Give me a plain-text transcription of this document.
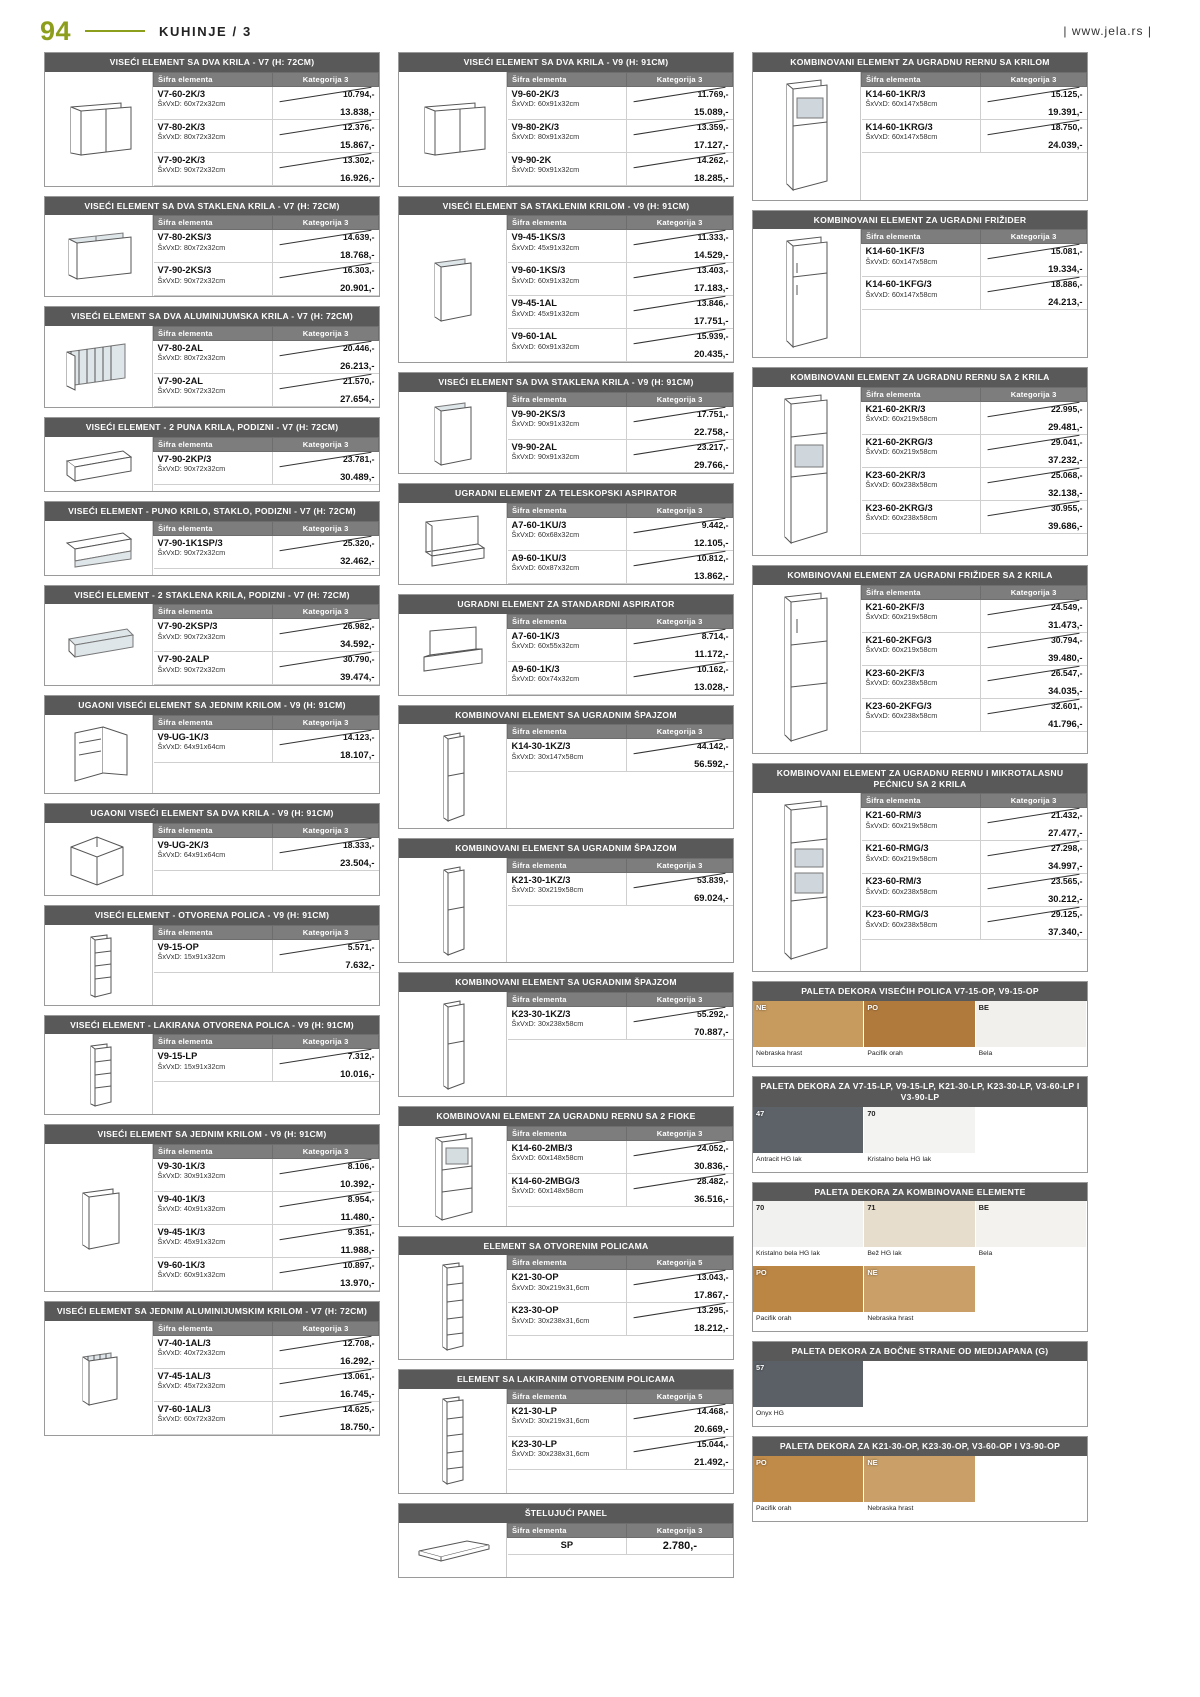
94	KUHINJE / 3	| www.jela.rs |
VISEĆI ELEMENT SA DVA KRILA - V7 (H: 72CM)
Šifra elementa	Kategorija 3

V7-60-2K/3
ŠxVxD: 60x72x32cm	10.794,-
13.838,-

V7-80-2K/3
ŠxVxD: 80x72x32cm	12.376,-
15.867,-

V7-90-2K/3
ŠxVxD: 90x72x32cm	13.302,-
16.926,-
VISEĆI ELEMENT SA DVA STAKLENA KRILA - V7 (H: 72CM)
Šifra elementa	Kategorija 3

V7-80-2KS/3
ŠxVxD: 80x72x32cm	14.639,-
18.768,-

V7-90-2KS/3
ŠxVxD: 90x72x32cm	16.303,-
20.901,-
VISEĆI ELEMENT SA DVA ALUMINIJUMSKA KRILA - V7 (H: 72CM)
Šifra elementa	Kategorija 3

V7-80-2AL
ŠxVxD: 80x72x32cm	20.446,-
26.213,-

V7-90-2AL
ŠxVxD: 90x72x32cm	21.570,-
27.654,-
VISEĆI ELEMENT - 2 PUNA KRILA, PODIZNI - V7 (H: 72CM)
Šifra elementa	Kategorija 3

V7-90-2KP/3
ŠxVxD: 90x72x32cm	23.781,-
30.489,-
VISEĆI ELEMENT - PUNO KRILO, STAKLO, PODIZNI - V7 (H: 72CM)
Šifra elementa	Kategorija 3

V7-90-1K1SP/3
ŠxVxD: 90x72x32cm	25.320,-
32.462,-
VISEĆI ELEMENT - 2 STAKLENA KRILA, PODIZNI - V7 (H: 72CM)
Šifra elementa	Kategorija 3

V7-90-2KSP/3
ŠxVxD: 90x72x32cm	26.982,-
34.592,-

V7-90-2ALP
ŠxVxD: 90x72x32cm	30.790,-
39.474,-
UGAONI VISEĆI ELEMENT SA JEDNIM KRILOM - V9 (H: 91CM)
Šifra elementa	Kategorija 3

V9-UG-1K/3
ŠxVxD: 64x91x64cm	14.123,-
18.107,-
UGAONI VISEĆI ELEMENT SA DVA KRILA - V9 (H: 91CM)
Šifra elementa	Kategorija 3

V9-UG-2K/3
ŠxVxD: 64x91x64cm	18.333,-
23.504,-
VISEĆI ELEMENT - OTVORENA POLICA - V9 (H: 91CM)
Šifra elementa	Kategorija 3

V9-15-OP
ŠxVxD: 15x91x32cm	5.571,-
7.632,-
VISEĆI ELEMENT - LAKIRANA OTVORENA POLICA - V9 (H: 91CM)
Šifra elementa	Kategorija 3

V9-15-LP
ŠxVxD: 15x91x32cm	7.312,-
10.016,-
VISEĆI ELEMENT SA JEDNIM KRILOM - V9 (H: 91CM)
Šifra elementa	Kategorija 3

V9-30-1K/3
ŠxVxD: 30x91x32cm	8.106,-
10.392,-

V9-40-1K/3
ŠxVxD: 40x91x32cm	8.954,-
11.480,-

V9-45-1K/3
ŠxVxD: 45x91x32cm	9.351,-
11.988,-

V9-60-1K/3
ŠxVxD: 60x91x32cm	10.897,-
13.970,-
VISEĆI ELEMENT SA JEDNIM ALUMINIJUMSKIM KRILOM - V7 (H: 72CM)
Šifra elementa	Kategorija 3

V7-40-1AL/3
ŠxVxD: 40x72x32cm	12.708,-
16.292,-

V7-45-1AL/3
ŠxVxD: 45x72x32cm	13.061,-
16.745,-

V7-60-1AL/3
ŠxVxD: 60x72x32cm	14.625,-
18.750,-
VISEĆI ELEMENT SA DVA KRILA - V9 (H: 91CM)
Šifra elementa	Kategorija 3

V9-60-2K/3
ŠxVxD: 60x91x32cm	11.769,-
15.089,-

V9-80-2K/3
ŠxVxD: 80x91x32cm	13.359,-
17.127,-

V9-90-2K
ŠxVxD: 90x91x32cm	14.262,-
18.285,-
VISEĆI ELEMENT SA STAKLENIM KRILOM - V9 (H: 91CM)
Šifra elementa	Kategorija 3

V9-45-1KS/3
ŠxVxD: 45x91x32cm	11.333,-
14.529,-

V9-60-1KS/3
ŠxVxD: 60x91x32cm	13.403,-
17.183,-

V9-45-1AL
ŠxVxD: 45x91x32cm	13.846,-
17.751,-

V9-60-1AL
ŠxVxD: 60x91x32cm	15.939,-
20.435,-
VISEĆI ELEMENT SA DVA STAKLENA KRILA - V9 (H: 91CM)
Šifra elementa	Kategorija 3

V9-90-2KS/3
ŠxVxD: 90x91x32cm	17.751,-
22.758,-

V9-90-2AL
ŠxVxD: 90x91x32cm	23.217,-
29.766,-
UGRADNI ELEMENT ZA TELESKOPSKI ASPIRATOR
Šifra elementa	Kategorija 3

A7-60-1KU/3
ŠxVxD: 60x68x32cm	9.442,-
12.105,-

A9-60-1KU/3
ŠxVxD: 60x87x32cm	10.812,-
13.862,-
UGRADNI ELEMENT ZA STANDARDNI ASPIRATOR
Šifra elementa	Kategorija 3

A7-60-1K/3
ŠxVxD: 60x55x32cm	8.714,-
11.172,-

A9-60-1K/3
ŠxVxD: 60x74x32cm	10.162,-
13.028,-
KOMBINOVANI ELEMENT SA UGRADNIM ŠPAJZOM
Šifra elementa	Kategorija 3

K14-30-1KZ/3
ŠxVxD: 30x147x58cm	44.142,-
56.592,-
KOMBINOVANI ELEMENT SA UGRADNIM ŠPAJZOM
Šifra elementa	Kategorija 3

K21-30-1KZ/3
ŠxVxD: 30x219x58cm	53.839,-
69.024,-
KOMBINOVANI ELEMENT SA UGRADNIM ŠPAJZOM
Šifra elementa	Kategorija 3

K23-30-1KZ/3
ŠxVxD: 30x238x58cm	55.292,-
70.887,-
KOMBINOVANI ELEMENT ZA UGRADNU RERNU SA 2 FIOKE
Šifra elementa	Kategorija 3

K14-60-2MB/3
ŠxVxD: 60x148x58cm	24.052,-
30.836,-

K14-60-2MBG/3
ŠxVxD: 60x148x58cm	28.482,-
36.516,-
ELEMENT SA OTVORENIM POLICAMA
Šifra elementa	Kategorija 5

K21-30-OP
ŠxVxD: 30x219x31,6cm	13.043,-
17.867,-

K23-30-OP
ŠxVxD: 30x238x31,6cm	13.295,-
18.212,-
ELEMENT SA LAKIRANIM OTVORENIM POLICAMA
Šifra elementa	Kategorija 5

K21-30-LP
ŠxVxD: 30x219x31,6cm	14.468,-
20.669,-

K23-30-LP
ŠxVxD: 30x238x31,6cm	15.044,-
21.492,-
ŠTELUJUĆI PANEL
Šifra elementa	Kategorija 3

SP	2.780,-
KOMBINOVANI ELEMENT ZA UGRADNU RERNU SA KRILOM
Šifra elementa	Kategorija 3

K14-60-1KR/3
ŠxVxD: 60x147x58cm	15.125,-
19.391,-

K14-60-1KRG/3
ŠxVxD: 60x147x58cm	18.750,-
24.039,-
KOMBINOVANI ELEMENT ZA UGRADNI FRIŽIDER
Šifra elementa	Kategorija 3

K14-60-1KF/3
ŠxVxD: 60x147x58cm	15.081,-
19.334,-

K14-60-1KFG/3
ŠxVxD: 60x147x58cm	18.886,-
24.213,-
KOMBINOVANI ELEMENT ZA UGRADNU RERNU SA 2 KRILA
Šifra elementa	Kategorija 3

K21-60-2KR/3
ŠxVxD: 60x219x58cm	22.995,-
29.481,-

K21-60-2KRG/3
ŠxVxD: 60x219x58cm	29.041,-
37.232,-

K23-60-2KR/3
ŠxVxD: 60x238x58cm	25.068,-
32.138,-

K23-60-2KRG/3
ŠxVxD: 60x238x58cm	30.955,-
39.686,-
KOMBINOVANI ELEMENT ZA UGRADNI FRIŽIDER SA 2 KRILA
Šifra elementa	Kategorija 3

K21-60-2KF/3
ŠxVxD: 60x219x58cm	24.549,-
31.473,-

K21-60-2KFG/3
ŠxVxD: 60x219x58cm	30.794,-
39.480,-

K23-60-2KF/3
ŠxVxD: 60x238x58cm	26.547,-
34.035,-

K23-60-2KFG/3
ŠxVxD: 60x238x58cm	32.601,-
41.796,-
KOMBINOVANI ELEMENT ZA UGRADNU RERNU I MIKROTALASNU PEĆNICU SA 2 KRILA
Šifra elementa	Kategorija 3

K21-60-RM/3
ŠxVxD: 60x219x58cm	21.432,-
27.477,-

K21-60-RMG/3
ŠxVxD: 60x219x58cm	27.298,-
34.997,-

K23-60-RM/3
ŠxVxD: 60x238x58cm	23.565,-
30.212,-

K23-60-RMG/3
ŠxVxD: 60x238x58cm	29.125,-
37.340,-
PALETA DEKORA VISEĆIH POLICA V7-15-OP, V9-15-OP
NE
Nebraska hrast
PO
Pacifik orah
BE
Bela
PALETA DEKORA ZA V7-15-LP, V9-15-LP, K21-30-LP, K23-30-LP, V3-60-LP I V3-90-LP
47
Antracit HG lak
70
Kristalno bela HG lak
PALETA DEKORA ZA KOMBINOVANE ELEMENTE
70
Kristalno bela HG lak
71
Bež HG lak
BE
Bela
PO
Pacifik orah
NE
Nebraska hrast
PALETA DEKORA ZA BOČNE STRANE OD MEDIJAPANA (G)
57
Onyx HG
PALETA DEKORA ZA K21-30-OP, K23-30-OP, V3-60-OP I V3-90-OP
PO
Pacifik orah
NE
Nebraska hrast
